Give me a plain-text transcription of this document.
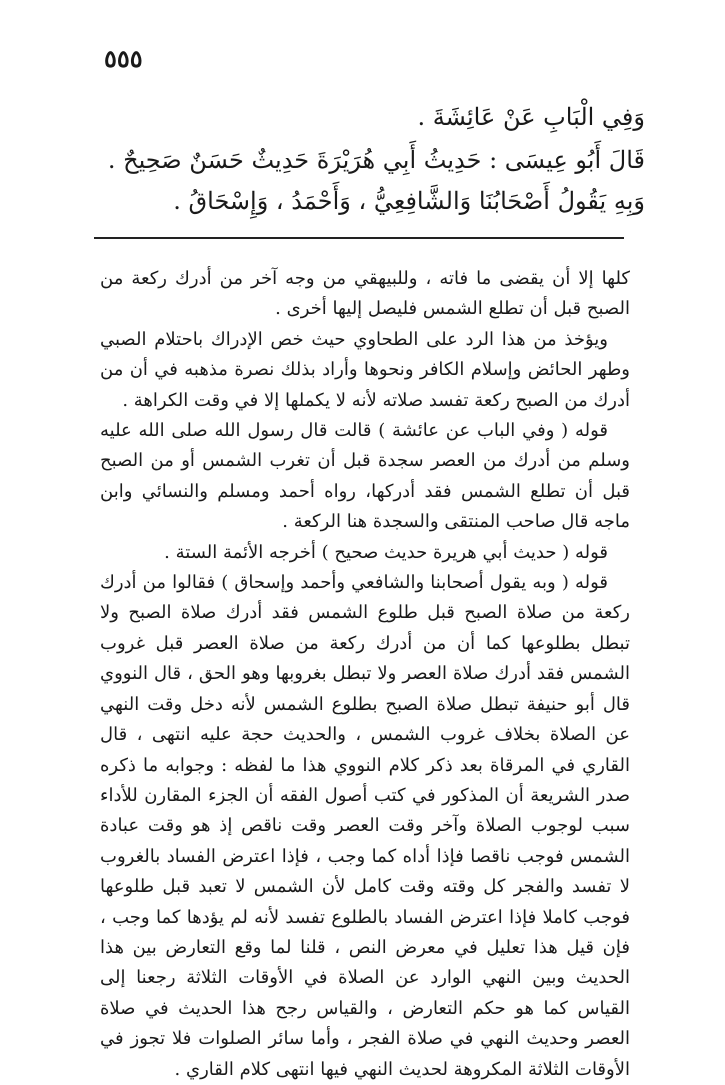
٥٥٥
وَفِي الْبَابِ عَنْ عَائِشَةَ .
قَالَ أَبُو عِيسَى : حَدِيثُ أَبِي هُرَيْرَةَ حَدِيثٌ حَسَنٌ صَحِيحٌ .
وَبِهِ يَقُولُ أَصْحَابُنَا وَالشَّافِعِيُّ ، وَأَحْمَدُ ، وَإِسْحَاقُ .

كلها إلا أن يقضى ما فاته ، وللبيهقي من وجه آخر من أدرك ركعة من الصبح قبل أن تطلع الشمس فليصل إليها أخرى .

ويؤخذ من هذا الرد على الطحاوي حيث خص الإدراك باحتلام الصبي وطهر الحائض وإسلام الكافر ونحوها وأراد بذلك نصرة مذهبه في أن من أدرك من الصبح ركعة تفسد صلاته لأنه لا يكملها إلا في وقت الكراهة .

قوله ( وفي الباب عن عائشة ) قالت قال رسول الله صلى الله عليه وسلم من أدرك من العصر سجدة قبل أن تغرب الشمس أو من الصبح قبل أن تطلع الشمس فقد أدركها، رواه أحمد ومسلم والنسائي وابن ماجه قال صاحب المنتقى والسجدة هنا الركعة .

قوله ( حديث أبي هريرة حديث صحيح ) أخرجه الأئمة الستة .

قوله ( وبه يقول أصحابنا والشافعي وأحمد وإسحاق ) فقالوا من أدرك ركعة من صلاة الصبح قبل طلوع الشمس فقد أدرك صلاة الصبح ولا تبطل بطلوعها كما أن من أدرك ركعة من صلاة العصر قبل غروب الشمس فقد أدرك صلاة العصر ولا تبطل بغروبها وهو الحق ، قال النووي قال أبو حنيفة تبطل صلاة الصبح بطلوع الشمس لأنه دخل وقت النهي عن الصلاة بخلاف غروب الشمس ، والحديث حجة عليه انتهى ، قال القاري في المرقاة بعد ذكر كلام النووي هذا ما لفظه : وجوابه ما ذكره صدر الشريعة أن المذكور في كتب أصول الفقه أن الجزء المقارن للأداء سبب لوجوب الصلاة وآخر وقت العصر وقت ناقص إذ هو وقت عبادة الشمس فوجب ناقصا فإذا أداه كما وجب ، فإذا اعترض الفساد بالغروب لا تفسد والفجر كل وقته وقت كامل لأن الشمس لا تعبد قبل طلوعها فوجب كاملا فإذا اعترض الفساد بالطلوع تفسد لأنه لم يؤدها كما وجب ، فإن قيل هذا تعليل في معرض النص ، قلنا لما وقع التعارض بين هذا الحديث وبين النهي الوارد عن الصلاة في الأوقات الثلاثة رجعنا إلى القياس كما هو حكم التعارض ، والقياس رجح هذا الحديث في صلاة العصر وحديث النهي في صلاة الفجر ، وأما سائر الصلوات فلا تجوز في الأوقات الثلاثة المكروهة لحديث النهي فيها انتهى كلام القاري .
